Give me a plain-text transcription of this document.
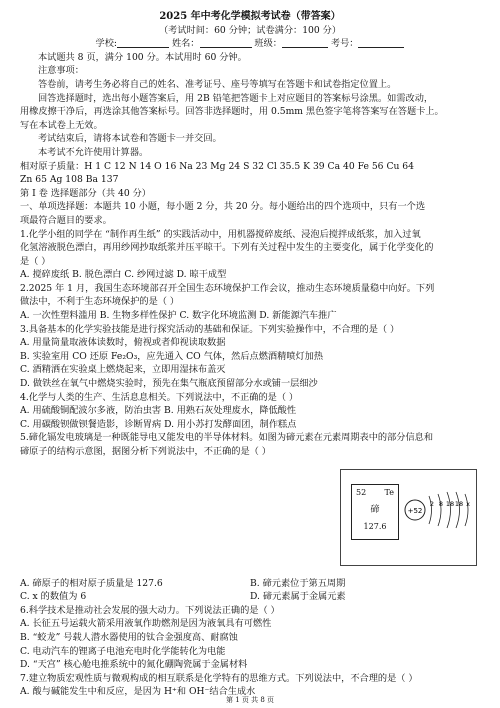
2025 年中考化学模拟考试卷（带答案）
（考试时间：60 分钟；试卷满分：100 分）
学校:	姓名：	班级：	考号：
本试题共 8 页，满分 100 分。本试用时 60 分钟。
注意事项：
答卷前，请考生务必将自己的姓名、准考证号、座号等填写在答题卡和试卷指定位置上。
回答选择题时，选出每小题答案后，用 2B 铅笔把答题卡上对应题目的答案标号涂黑。如需改动，
用橡皮擦干净后，再选涂其他答案标号。回答非选择题时，用 0.5mm 黑色签字笔将答案写在答题卡上。
写在本试卷上无效。
考试结束后，请将本试卷和答题卡一并交回。
本考试不允许使用计算器。
相对原子质量：H 1 C 12 N 14 O 16 Na 23 Mg 24 S 32 Cl 35.5 K 39 Ca 40 Fe 56 Cu 64
Zn 65 Ag 108 Ba 137
第 Ⅰ 卷 选择题部分（共 40 分）
一、单项选择题：本题共 10 小题，每小题 2 分，共 20 分。每小题给出的四个选项中，只有一个选
项最符合题目的要求。
1.化学小组的同学在 “制作再生纸” 的实践活动中，用机器搅碎废纸、浸泡后搅拌成纸浆，加入过氧
化氢溶液脱色漂白，再用纱网抄取纸浆并压平晾干。下列有关过程中发生的主要变化，属于化学变化的
是（ ）
A. 搅碎废纸 B. 脱色漂白 C. 纱网过滤 D. 晾干成型
2.2025 年 1 月，我国生态环境部召开全国生态环境保护工作会议，推动生态环境质量稳中向好。下列
做法中，不利于生态环境保护的是（ ）
A. 一次性塑料滥用 B. 生物多样性保护 C. 数字化环境监测 D. 新能源汽车推广
3.具备基本的化学实验技能是进行探究活动的基础和保证。下列实验操作中，不合理的是（ ）
A. 用量筒量取液体读数时，俯视或者仰视读取数据
B. 实验室用 CO 还原 Fe₂O₃，应先通入 CO 气体，然后点燃酒精喷灯加热
C. 酒精洒在实验桌上燃烧起来，立即用湿抹布盖灭
D. 做铁丝在氧气中燃烧实验时，预先在集气瓶底预留部分水或铺一层细沙
4.化学与人类的生产、生活息息相关。下列说法中，不正确的是（ ）
A. 用硫酸铜配波尔多液，防治虫害 B. 用熟石灰处理废水，降低酸性
C. 用碳酸钡做钡餐造影，诊断胃病 D. 用小苏打发酵面团，制作糕点
5.碲化镉发电玻璃是一种既能导电又能发电的半导体材料。如图为碲元素在元素周期表中的部分信息和
碲原子的结构示意图，据图分析下列说法中，不正确的是（ ）
52 Te
碲
127.6
+52
2 8 18 18 x
A. 碲原子的相对原子质量是 127.6	B. 碲元素位于第五周期
C. x 的数值为 6	D. 碲元素属于金属元素
6.科学技术是推动社会发展的强大动力。下列说法正确的是（ ）
A. 长征五号运载火箭采用液氧作助燃剂是因为液氧具有可燃性
B. “蛟龙” 号载人潜水器使用的钛合金强度高、耐腐蚀
C. 电动汽车的锂离子电池充电时化学能转化为电能
D. “天宫” 核心舱电推系统中的氮化硼陶瓷属于金属材料
7.建立物质宏观性质与微观构成的相互联系是化学特有的思维方式。下列说法中，不合理的是（ ）
A. 酸与碱能发生中和反应，是因为 H⁺和 OH⁻结合生成水
第 1 页 共 8 页
